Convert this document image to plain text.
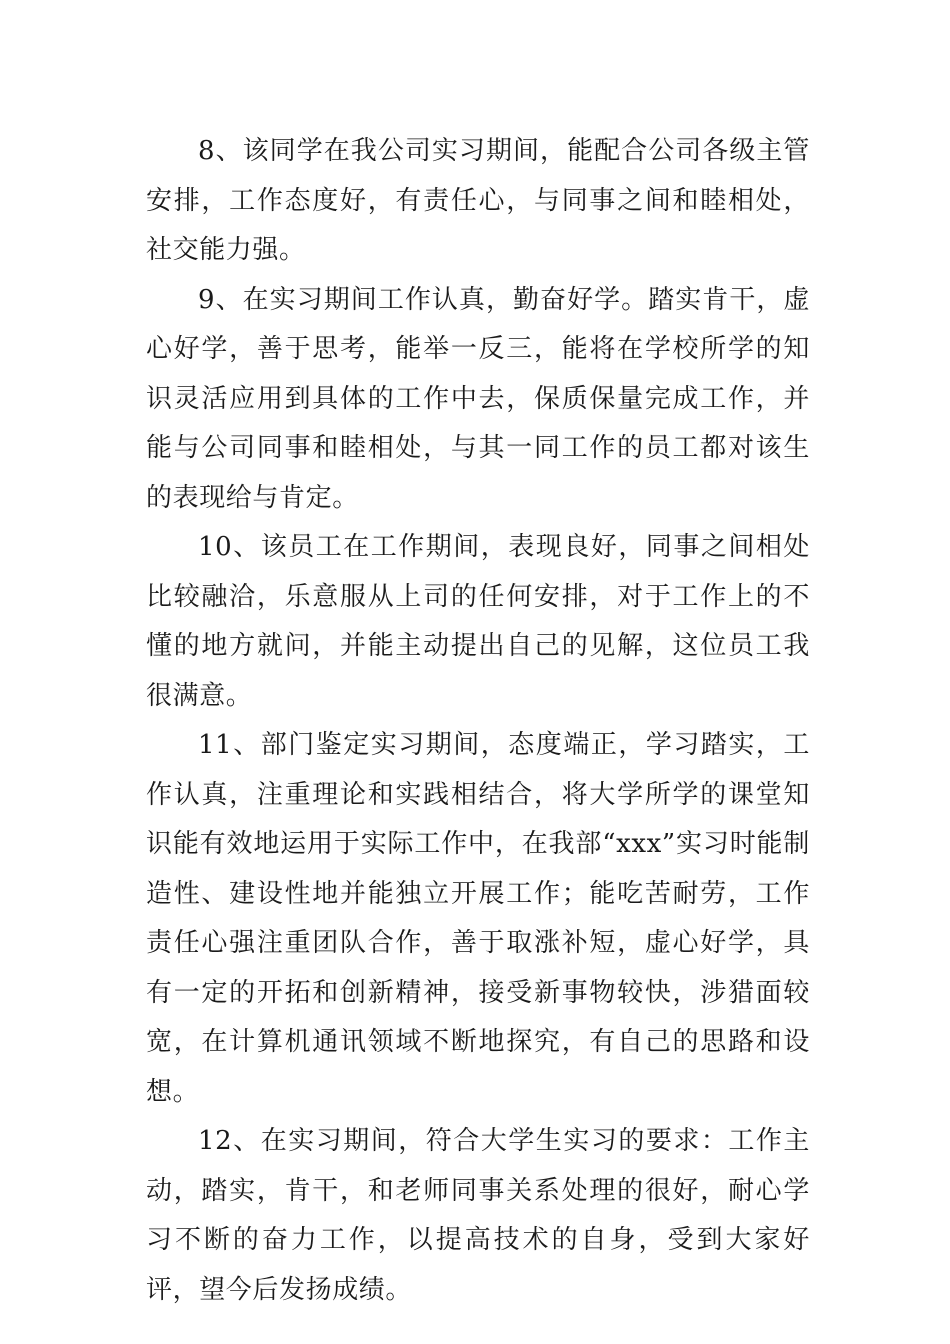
8、该同学在我公司实习期间，能配合公司各级主管安排，工作态度好，有责任心，与同事之间和睦相处，社交能力强。

9、在实习期间工作认真，勤奋好学。踏实肯干，虚心好学，善于思考，能举一反三，能将在学校所学的知识灵活应用到具体的工作中去，保质保量完成工作，并能与公司同事和睦相处，与其一同工作的员工都对该生的表现给与肯定。

10、该员工在工作期间，表现良好，同事之间相处比较融洽，乐意服从上司的任何安排，对于工作上的不懂的地方就问，并能主动提出自己的见解，这位员工我很满意。

11、部门鉴定实习期间，态度端正，学习踏实，工作认真，注重理论和实践相结合，将大学所学的课堂知识能有效地运用于实际工作中，在我部“xxx”实习时能制造性、建设性地并能独立开展工作；能吃苦耐劳，工作责任心强注重团队合作，善于取涨补短，虚心好学，具有一定的开拓和创新精神，接受新事物较快，涉猎面较宽，在计算机通讯领域不断地探究，有自己的思路和设想。

12、在实习期间，符合大学生实习的要求：工作主动，踏实，肯干，和老师同事关系处理的很好，耐心学习不断的奋力工作，以提高技术的自身，受到大家好评，望今后发扬成绩。
